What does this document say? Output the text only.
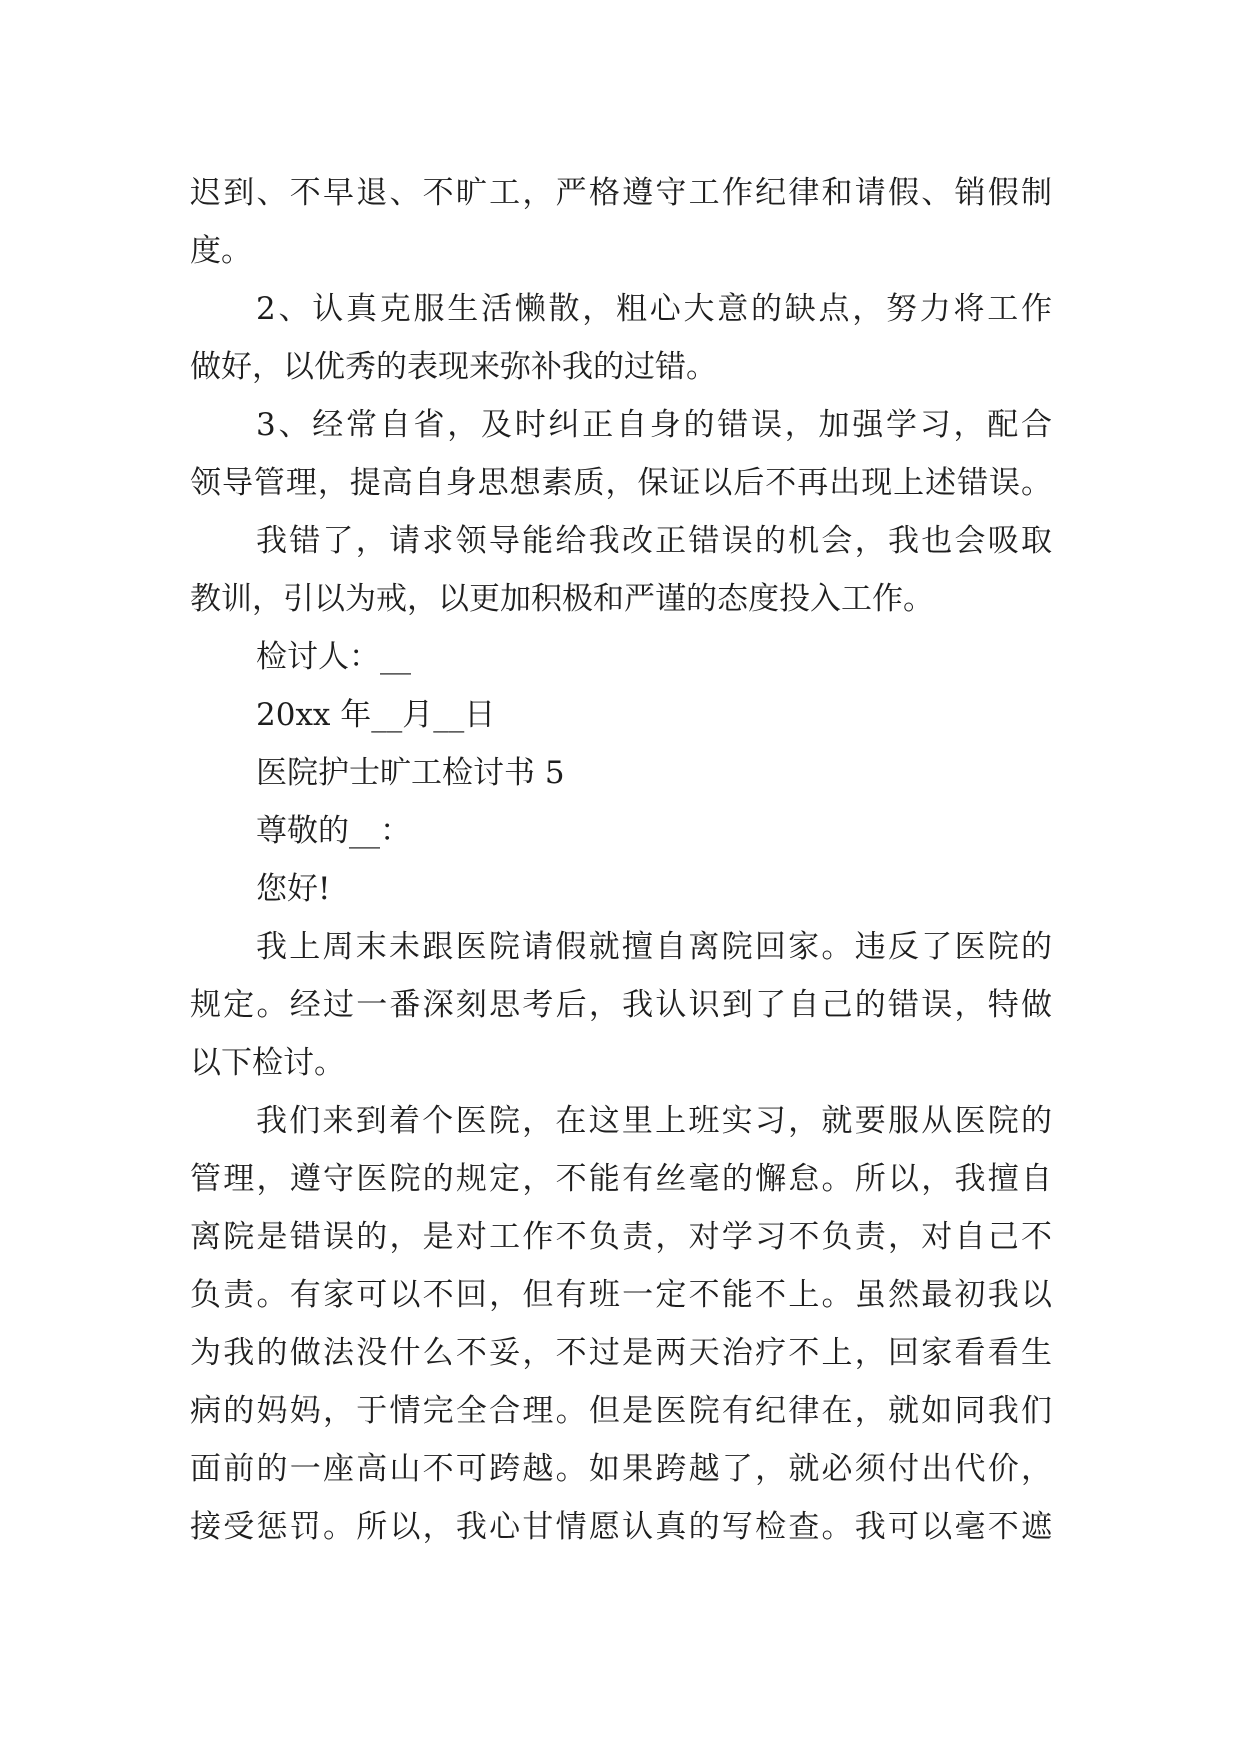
迟到、不早退、不旷工，严格遵守工作纪律和请假、销假制
度。
2、认真克服生活懒散，粗心大意的缺点，努力将工作
做好，以优秀的表现来弥补我的过错。
3、经常自省，及时纠正自身的错误，加强学习，配合
领导管理，提高自身思想素质，保证以后不再出现上述错误。
我错了，请求领导能给我改正错误的机会，我也会吸取
教训，引以为戒，以更加积极和严谨的态度投入工作。
检讨人：__
20xx 年__月__日
医院护士旷工检讨书 5
尊敬的__：
您好!
我上周末未跟医院请假就擅自离院回家。违反了医院的
规定。经过一番深刻思考后，我认识到了自己的错误，特做
以下检讨。
我们来到着个医院，在这里上班实习，就要服从医院的
管理，遵守医院的规定，不能有丝毫的懈怠。所以，我擅自
离院是错误的，是对工作不负责，对学习不负责，对自己不
负责。有家可以不回，但有班一定不能不上。虽然最初我以
为我的做法没什么不妥，不过是两天治疗不上，回家看看生
病的妈妈，于情完全合理。但是医院有纪律在，就如同我们
面前的一座高山不可跨越。如果跨越了，就必须付出代价，
接受惩罚。所以，我心甘情愿认真的写检查。我可以毫不遮
